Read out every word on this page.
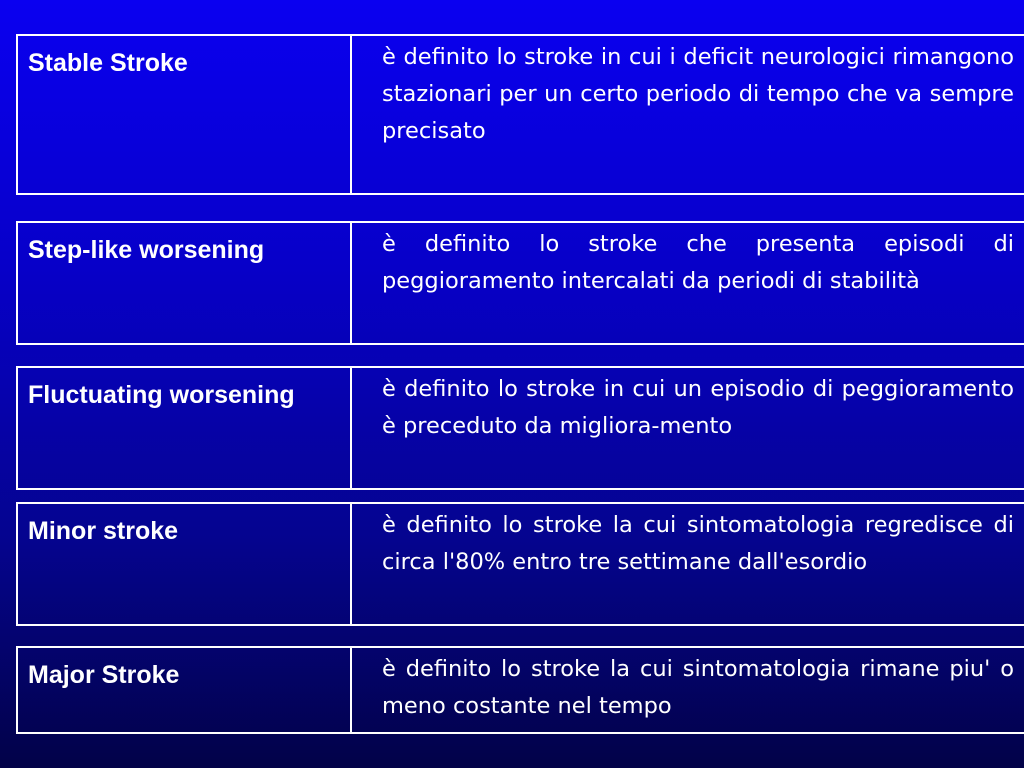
Stable Stroke	è definito lo stroke in cui i deficit neurologici rimangono stazionari per un certo periodo di tempo che va sempre precisato
Step-like worsening	è definito lo stroke che presenta episodi di peggioramento intercalati da periodi di stabilità
Fluctuating worsening	è definito lo stroke in cui un episodio di peggioramento è preceduto da migliora-mento
Minor stroke	è definito lo stroke la cui sintomatologia regredisce di circa l'80% entro tre settimane dall'esordio
Major Stroke	è definito lo stroke la cui sintomatologia rimane piu' o meno costante nel tempo
